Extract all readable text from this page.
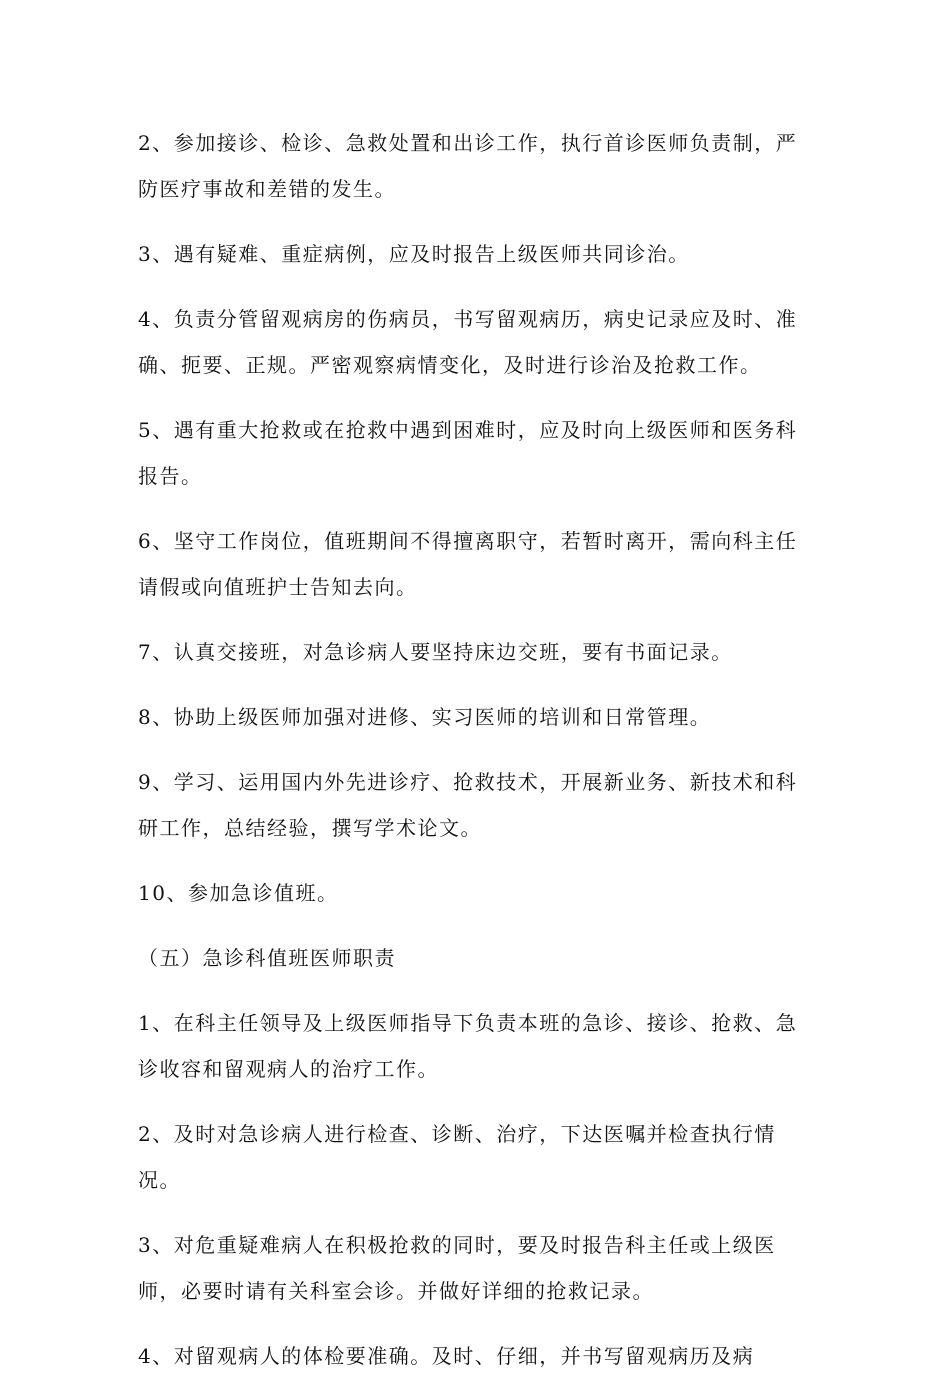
2、参加接诊、检诊、急救处置和出诊工作，执行首诊医师负责制，严防医疗事故和差错的发生。

3、遇有疑难、重症病例，应及时报告上级医师共同诊治。

4、负责分管留观病房的伤病员，书写留观病历，病史记录应及时、准确、扼要、正规。严密观察病情变化，及时进行诊治及抢救工作。

5、遇有重大抢救或在抢救中遇到困难时，应及时向上级医师和医务科报告。

6、坚守工作岗位，值班期间不得擅离职守，若暂时离开，需向科主任请假或向值班护士告知去向。

7、认真交接班，对急诊病人要坚持床边交班，要有书面记录。

8、协助上级医师加强对进修、实习医师的培训和日常管理。

9、学习、运用国内外先进诊疗、抢救技术，开展新业务、新技术和科研工作，总结经验，撰写学术论文。

10、参加急诊值班。

（五）急诊科值班医师职责

1、在科主任领导及上级医师指导下负责本班的急诊、接诊、抢救、急诊收容和留观病人的治疗工作。

2、及时对急诊病人进行检查、诊断、治疗，下达医嘱并检查执行情况。

3、对危重疑难病人在积极抢救的同时，要及时报告科主任或上级医师，必要时请有关科室会诊。并做好详细的抢救记录。

4、对留观病人的体检要准确。及时、仔细，并书写留观病历及病
